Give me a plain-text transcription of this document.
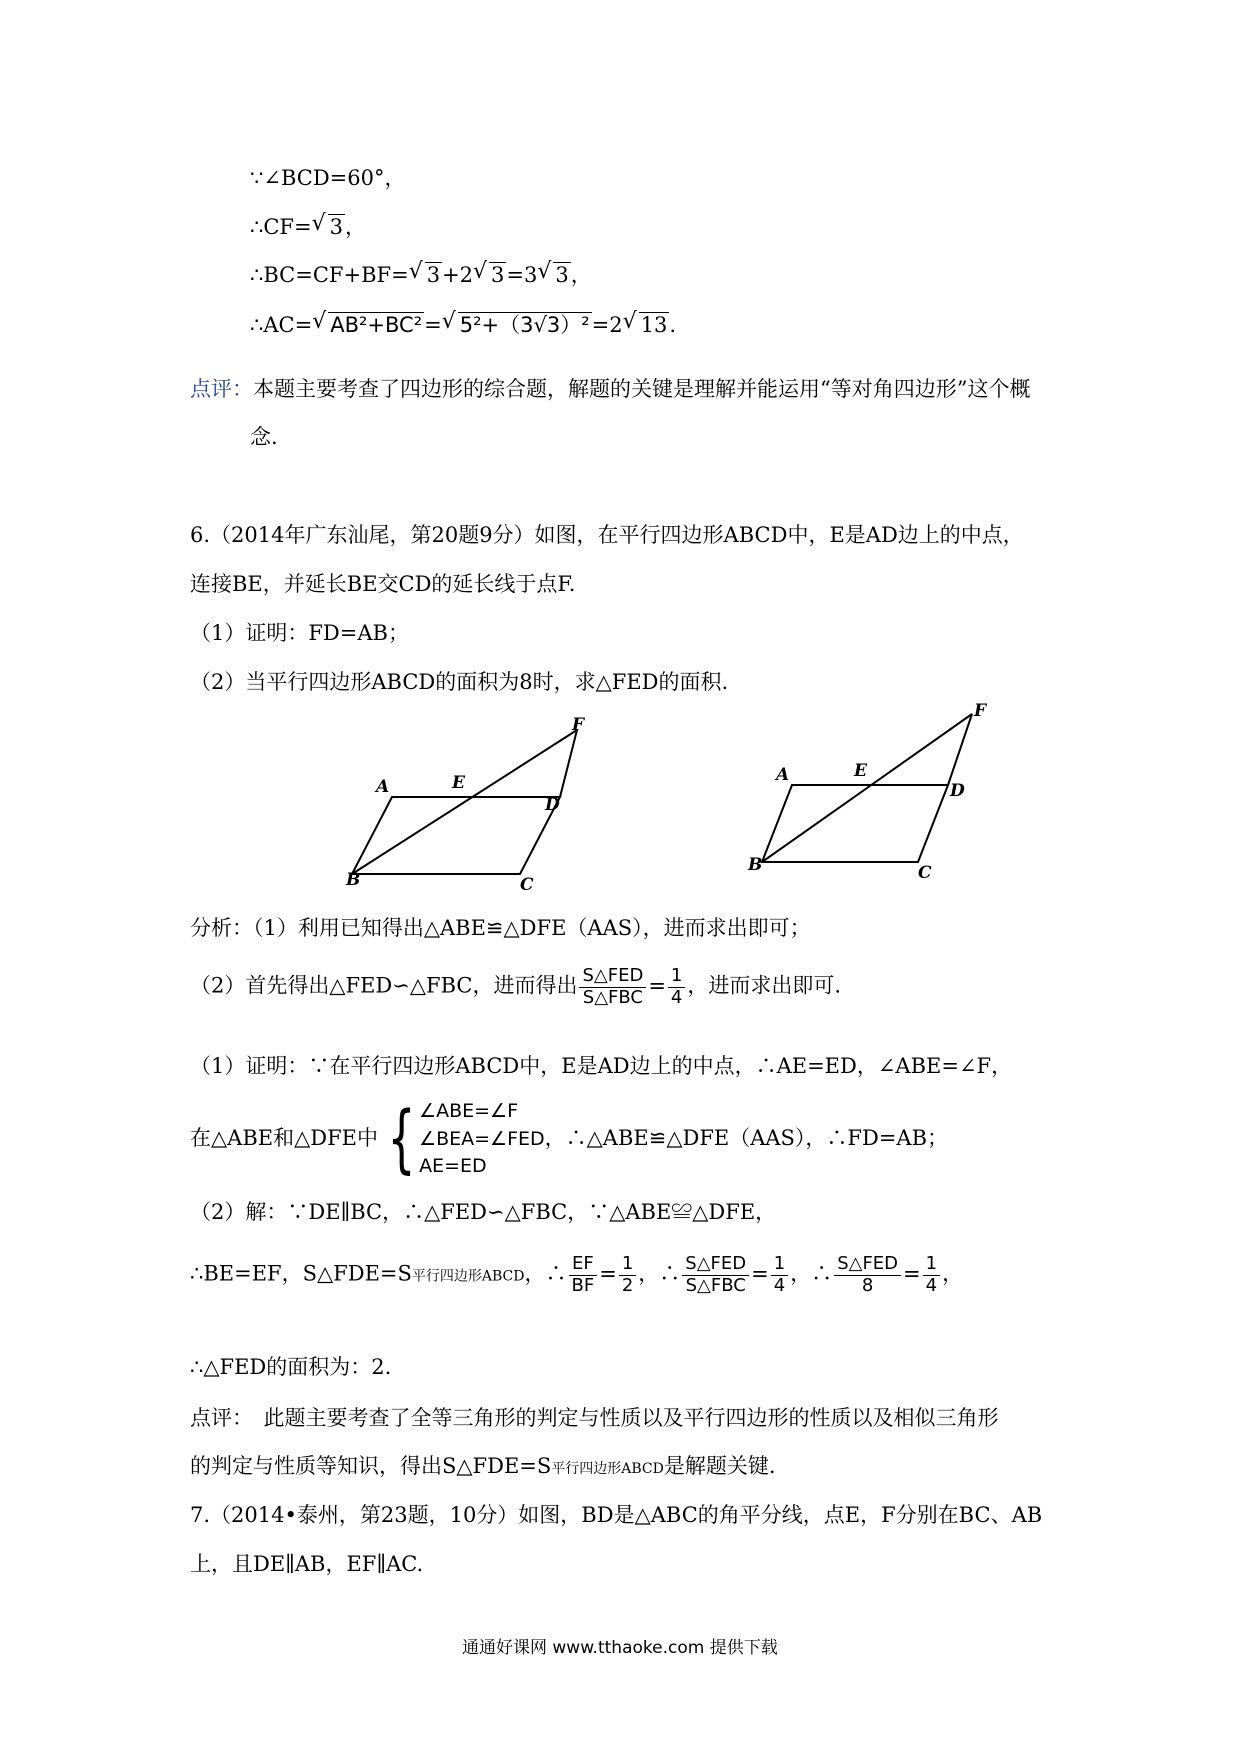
∵∠BCD=60°，
∴CF= √ 3，
∴BC=CF+BF= √ 3+2 √ 3=3 √ 3，
∴AC= √ AB²+BC²= √ 5²+（3√3）²=2 √ 13.
点评：本题主要考查了四边形的综合题，解题的关键是理解并能运用“等对角四边形”这个概
念.
6.（2014年广东汕尾，第20题9分）如图，在平行四边形ABCD中，E是AD边上的中点，
连接BE，并延长BE交CD的延长线于点F.
（1）证明：FD=AB；
（2）当平行四边形ABCD的面积为8时，求△FED的面积.
A	E
D
F
B	C
A	E
D
F
B	C
分析：（1）利用已知得出△ABE≌△DFE（AAS），进而求出即可；
（2）首先得出△FED∽△FBC，进而得出 $\frac{\text{S△FED}}{\text{S△FBC}} = \frac{1}{4}$ ，进而求出即可.
（1）证明：∵在平行四边形ABCD中，E是AD边上的中点，∴AE=ED，∠ABE=∠F，
在△ABE和△DFE中 { ∠ABE=∠F
∠BEA=∠FED
AE=ED
，∴△ABE≌△DFE（AAS），∴FD=AB；
（2）解：∵DE∥BC，∴△FED∽△FBC，∵△ABE≌△DFE，
∴BE=EF，S△FDE=S平行四边形ABCD，∴ $\frac{EF}{BF} = \frac{1}{2}$ ，∴ $\frac{\text{S△FED}}{\text{S△FBC}} = \frac{1}{4}$ ，∴ $\frac{\text{S△FED}}{8} = \frac{1}{4}$ ，
∴△FED的面积为：2.
点评：　此题主要考查了全等三角形的判定与性质以及平行四边形的性质以及相似三角形
的判定与性质等知识，得出S△FDE=S平行四边形ABCD是解题关键.
7.（2014•泰州，第23题，10分）如图，BD是△ABC的角平分线，点E，F分别在BC、AB
上，且DE∥AB，EF∥AC.
通通好课网 www.tthaoke.com 提供下载
